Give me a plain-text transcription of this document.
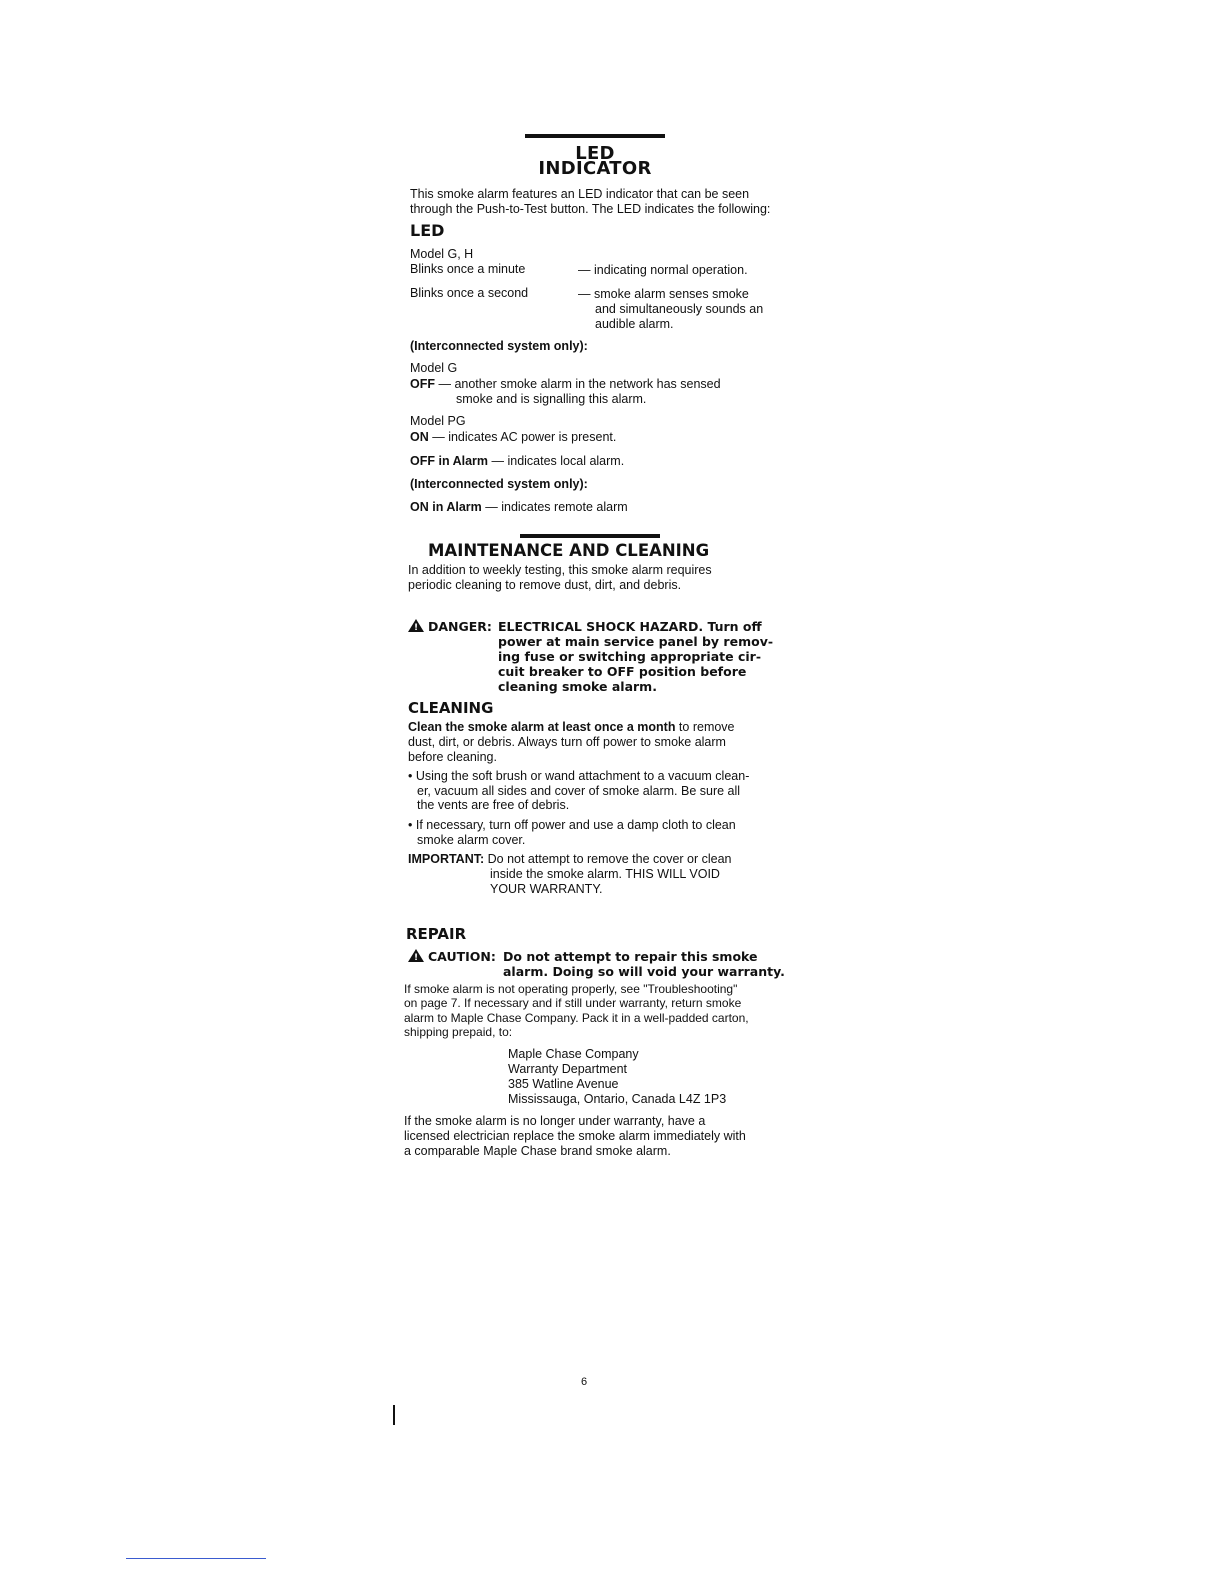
LED
INDICATOR
This smoke alarm features an LED indicator that can be seen
through the Push-to-Test button. The LED indicates the following:
LED
Model G, H
Blinks once a minute	— indicating normal operation.
Blinks once a second	— smoke alarm senses smoke
and simultaneously sounds an
audible alarm.
(Interconnected system only):
Model G
OFF — another smoke alarm in the network has sensed
smoke and is signalling this alarm.
Model PG
ON — indicates AC power is present.
OFF in Alarm — indicates local alarm.
(Interconnected system only):
ON in Alarm — indicates remote alarm
MAINTENANCE AND CLEANING
In addition to weekly testing, this smoke alarm requires
periodic cleaning to remove dust, dirt, and debris.
!DANGER: ELECTRICAL SHOCK HAZARD. Turn off
power at main service panel by remov-
ing fuse or switching appropriate cir-
cuit breaker to OFF position before
cleaning smoke alarm.
CLEANING
Clean the smoke alarm at least once a month to remove
dust, dirt, or debris. Always turn off power to smoke alarm
before cleaning.
• Using the soft brush or wand attachment to a vacuum clean-
er, vacuum all sides and cover of smoke alarm. Be sure all
the vents are free of debris.
• If necessary, turn off power and use a damp cloth to clean
smoke alarm cover.
IMPORTANT: Do not attempt to remove the cover or clean
inside the smoke alarm. THIS WILL VOID
YOUR WARRANTY.
REPAIR
!CAUTION: Do not attempt to repair this smoke
alarm. Doing so will void your warranty.
If smoke alarm is not operating properly, see "Troubleshooting"
on page 7. If necessary and if still under warranty, return smoke
alarm to Maple Chase Company. Pack it in a well-padded carton,
shipping prepaid, to:
Maple Chase Company
Warranty Department
385 Watline Avenue
Mississauga, Ontario, Canada L4Z 1P3
If the smoke alarm is no longer under warranty, have a
licensed electrician replace the smoke alarm immediately with
a comparable Maple Chase brand smoke alarm.
6
